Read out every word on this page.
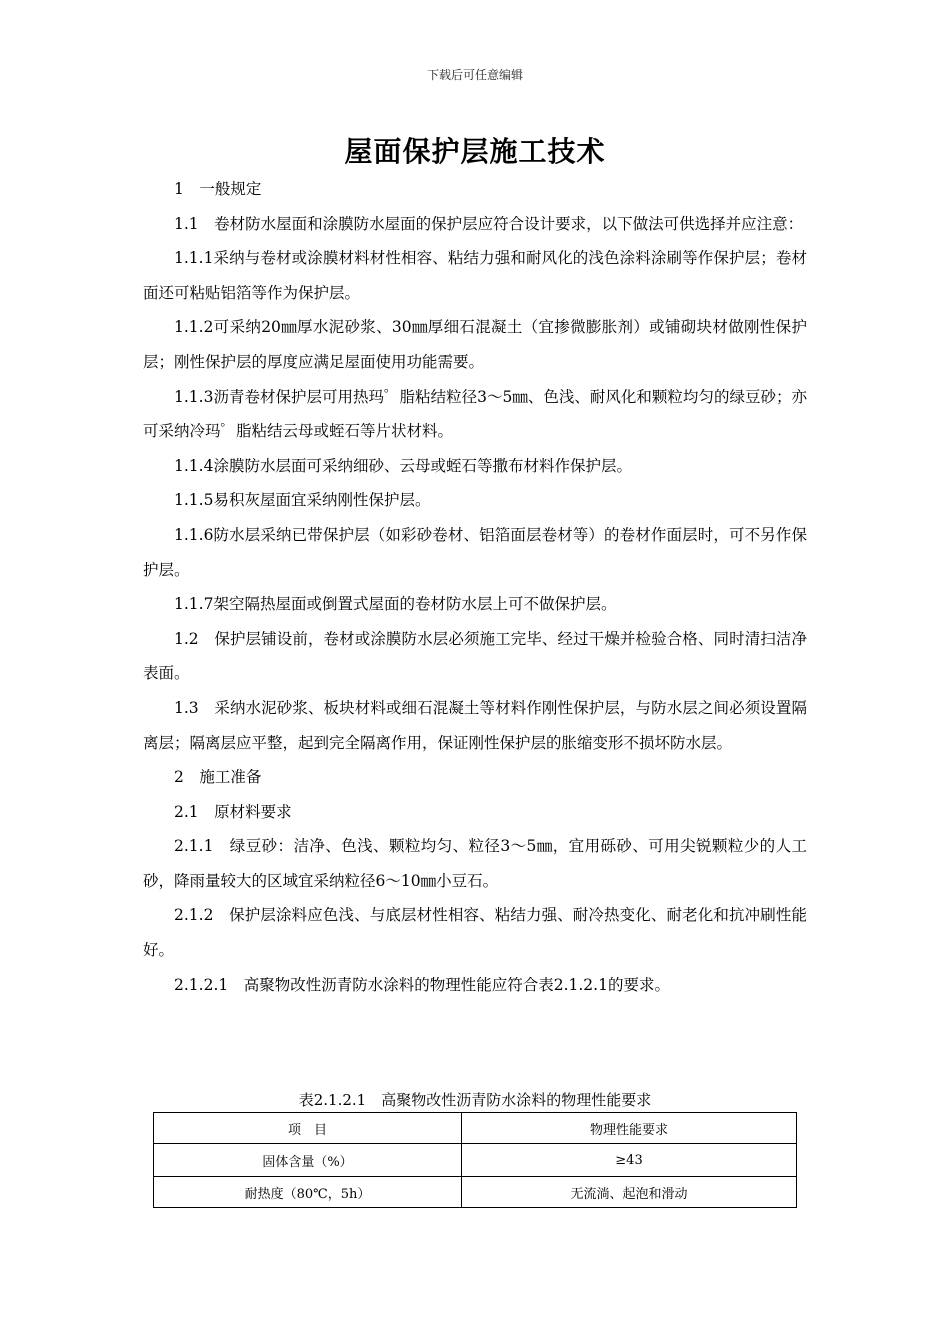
下载后可任意编辑
屋面保护层施工技术

1　一般规定

1.1　卷材防水屋面和涂膜防水屋面的保护层应符合设计要求，以下做法可供选择并应注意：

1.1.1采纳与卷材或涂膜材料材性相容、粘结力强和耐风化的浅色涂料涂刷等作保护层；卷材面还可粘贴铝箔等作为保护层。

1.1.2可采纳20㎜厚水泥砂浆、30㎜厚细石混凝土（宜掺微膨胀剂）或铺砌块材做刚性保护层；刚性保护层的厚度应满足屋面使用功能需要。

1.1.3沥青卷材保护层可用热玛゜脂粘结粒径3～5㎜、色浅、耐风化和颗粒均匀的绿豆砂；亦可采纳冷玛゜脂粘结云母或蛭石等片状材料。

1.1.4涂膜防水层面可采纳细砂、云母或蛭石等撒布材料作保护层。

1.1.5易积灰屋面宜采纳刚性保护层。

1.1.6防水层采纳已带保护层（如彩砂卷材、铝箔面层卷材等）的卷材作面层时，可不另作保护层。

1.1.7架空隔热屋面或倒置式屋面的卷材防水层上可不做保护层。

1.2　保护层铺设前，卷材或涂膜防水层必须施工完毕、经过干燥并检验合格、同时清扫洁净表面。

1.3　采纳水泥砂浆、板块材料或细石混凝土等材料作刚性保护层，与防水层之间必须设置隔离层；隔离层应平整，起到完全隔离作用，保证刚性保护层的胀缩变形不损坏防水层。

2　施工准备

2.1　原材料要求

2.1.1　绿豆砂：洁净、色浅、颗粒均匀、粒径3～5㎜，宜用砾砂、可用尖锐颗粒少的人工砂，降雨量较大的区域宜采纳粒径6～10㎜小豆石。

2.1.2　保护层涂料应色浅、与底层材性相容、粘结力强、耐冷热变化、耐老化和抗冲刷性能好。

2.1.2.1　高聚物改性沥青防水涂料的物理性能应符合表2.1.2.1的要求。

表2.1.2.1　高聚物改性沥青防水涂料的物理性能要求
项　目	物理性能要求
固体含量（%）	≥43
耐热度（80℃，5h）	无流淌、起泡和滑动
